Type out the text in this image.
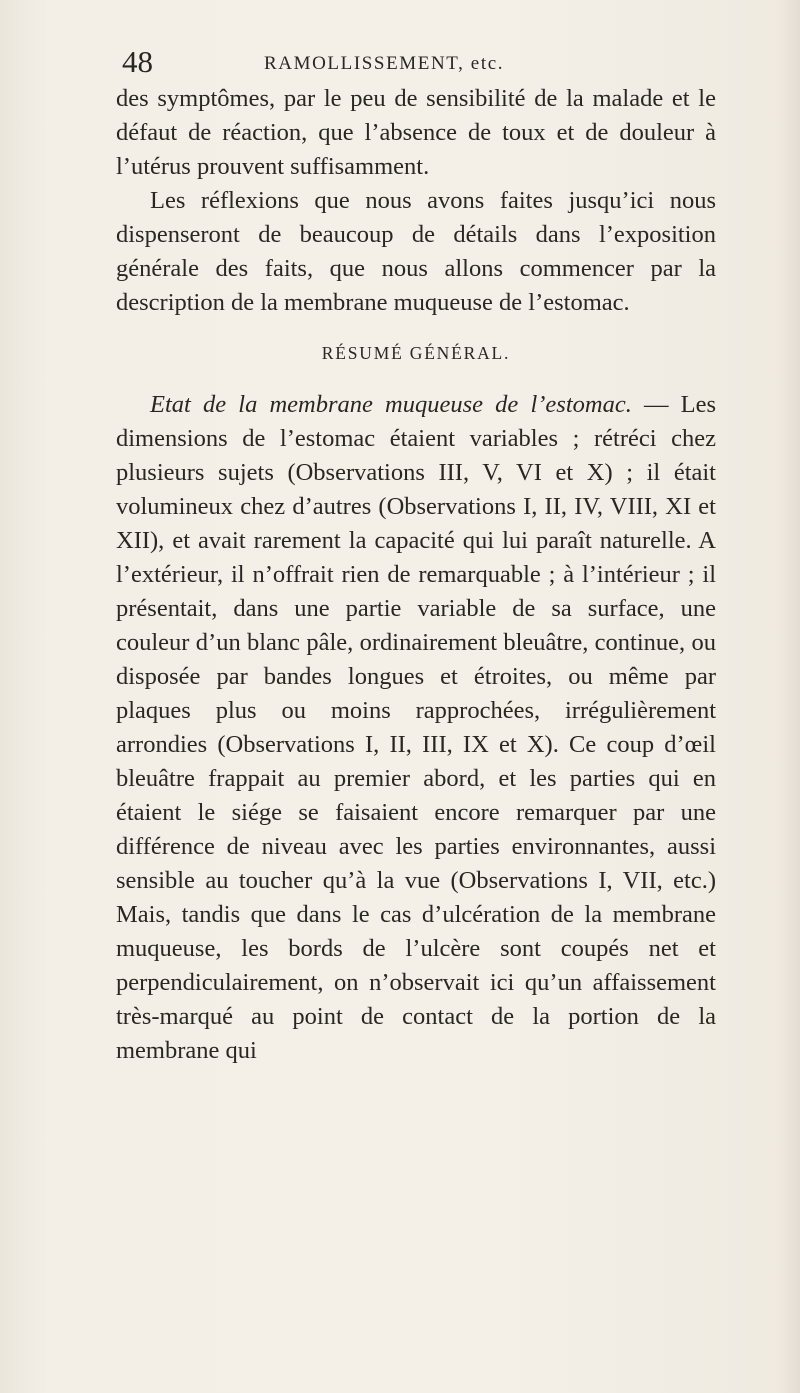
48	RAMOLLISSEMENT, etc.

des symptômes, par le peu de sensibilité de la malade et le défaut de réaction, que l’absence de toux et de douleur à l’utérus prouvent suffisamment.

Les réflexions que nous avons faites jusqu’ici nous dispenseront de beaucoup de détails dans l’exposition générale des faits, que nous allons commencer par la description de la membrane muqueuse de l’estomac.

RÉSUMÉ GÉNÉRAL.

Etat de la membrane muqueuse de l’estomac. — Les dimensions de l’estomac étaient variables ; rétréci chez plusieurs sujets (Observations III, V, VI et X) ; il était volumineux chez d’autres (Observations I, II, IV, VIII, XI et XII), et avait rarement la capacité qui lui paraît naturelle. A l’extérieur, il n’offrait rien de remarquable ; à l’intérieur ; il présentait, dans une partie variable de sa surface, une couleur d’un blanc pâle, ordinairement bleuâtre, continue, ou disposée par bandes longues et étroites, ou même par plaques plus ou moins rapprochées, irrégulièrement arrondies (Observations I, II, III, IX et X). Ce coup d’œil bleuâtre frappait au premier abord, et les parties qui en étaient le siége se faisaient encore remarquer par une différence de niveau avec les parties environnantes, aussi sensible au toucher qu’à la vue (Observations I, VII, etc.) Mais, tandis que dans le cas d’ulcération de la membrane muqueuse, les bords de l’ulcère sont coupés net et perpendiculairement, on n’observait ici qu’un affaissement très-marqué au point de contact de la portion de la membrane qui
